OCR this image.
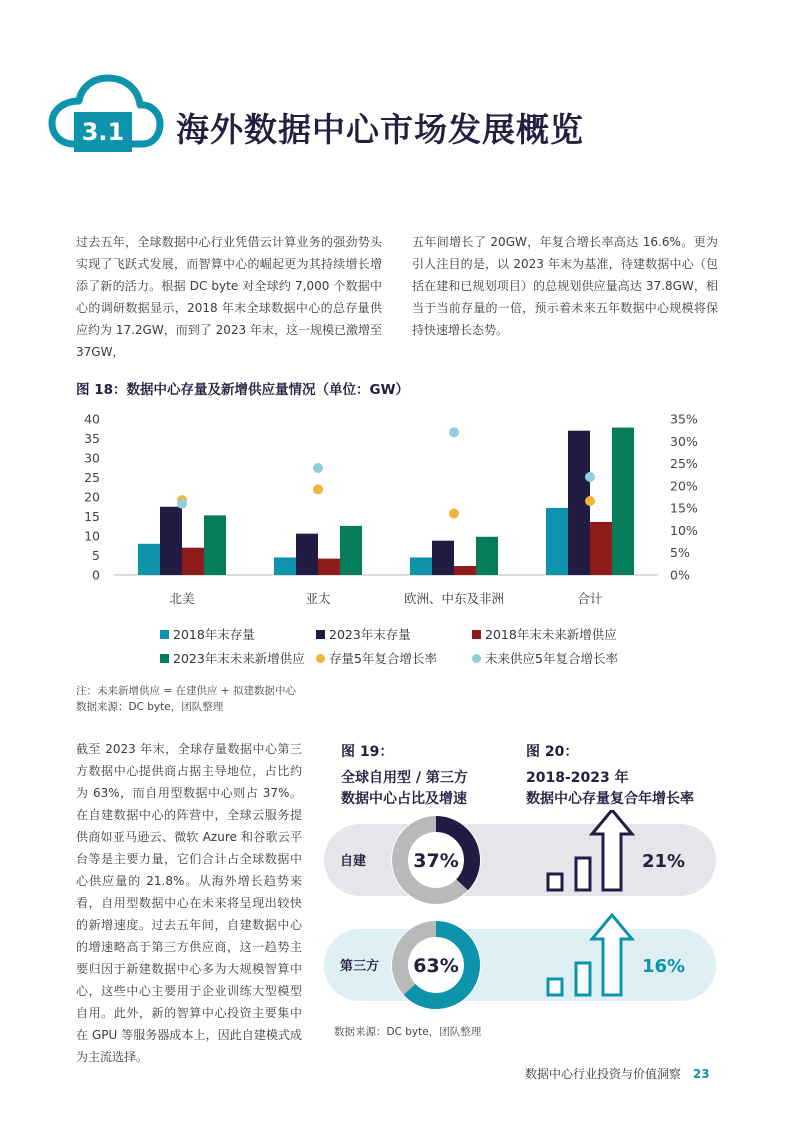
3.1 海外数据中心市场发展概览
过去五年，全球数据中心行业凭借云计算业务的强劲势头实现了飞跃式发展，而智算中心的崛起更为其持续增长增添了新的活力。根据 DC byte 对全球约 7,000 个数据中心的调研数据显示，2018 年末全球数据中心的总存量供应约为 17.2GW，而到了 2023 年末，这一规模已激增至 37GW，
五年间增长了 20GW，年复合增长率高达 16.6%。更为引人注目的是，以 2023 年末为基准，待建数据中心（包括在建和已规划项目）的总规划供应量高达 37.8GW，相当于当前存量的一倍，预示着未来五年数据中心规模将保持快速增长态势。
图 18：数据中心存量及新增供应量情况（单位：GW）
40
35
30
25
20
15
10
5
0
35%
30%
25%
20%
15%
10%
5%
0%
北美	亚太	欧洲、中东及非洲	合计
2018年末存量	2023年末存量	2018年末未来新增供应
2023年末未来新增供应 存量5年复合增长率	未来供应5年复合增长率
注：未来新增供应 = 在建供应 + 拟建数据中心
数据来源：DC byte，团队整理
截至 2023 年末，全球存量数据中心第三方数据中心提供商占据主导地位，占比约为 63%，而自用型数据中心则占 37%。在自建数据中心的阵营中，全球云服务提供商如亚马逊云、微软 Azure 和谷歌云平台等是主要力量，它们合计占全球数据中心供应量的 21.8%。从海外增长趋势来看，自用型数据中心在未来将呈现出较快的新增速度。过去五年间，自建数据中心的增速略高于第三方供应商，这一趋势主要归因于新建数据中心多为大规模智算中心，这些中心主要用于企业训练大型模型自用。此外，新的智算中心投资主要集中在 GPU 等服务器成本上，因此自建模式成为主流选择。
图 19：
全球自用型 / 第三方
数据中心占比及增速
图 20：
2018-2023 年
数据中心存量复合年增长率
自建 37%	21%
第三方 63%	16%
数据来源：DC byte，团队整理
数据中心行业投资与价值洞察 23
